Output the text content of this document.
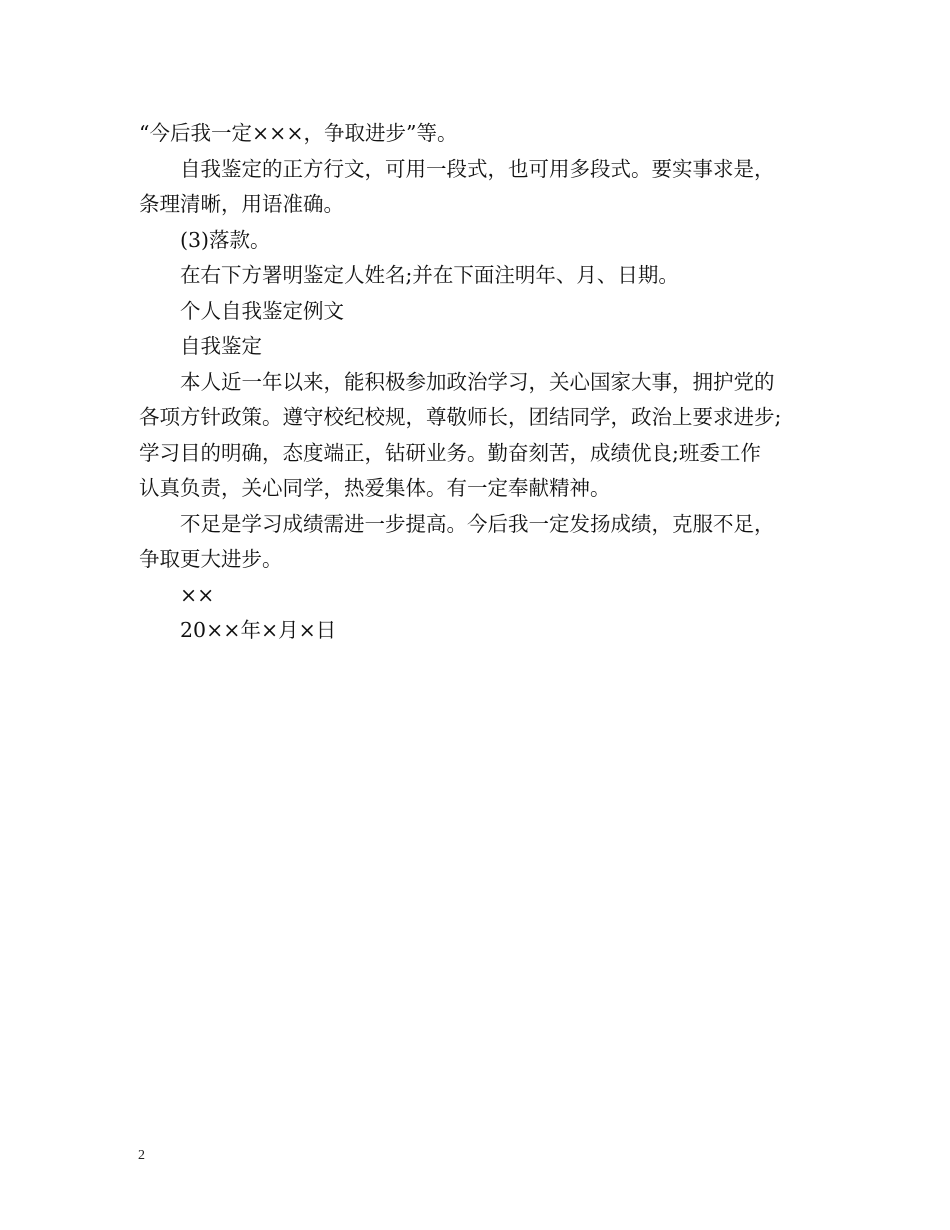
“今后我一定×××，争取进步”等。

自我鉴定的正方行文，可用一段式，也可用多段式。要实事求是，
条理清晰，用语准确。

(3)落款。

在右下方署明鉴定人姓名;并在下面注明年、月、日期。

个人自我鉴定例文

自我鉴定

本人近一年以来，能积极参加政治学习，关心国家大事，拥护党的
各项方针政策。遵守校纪校规，尊敬师长，团结同学，政治上要求进步;
学习目的明确，态度端正，钻研业务。勤奋刻苦，成绩优良;班委工作
认真负责，关心同学，热爱集体。有一定奉献精神。

不足是学习成绩需进一步提高。今后我一定发扬成绩，克服不足，
争取更大进步。

××

20××年×月×日

2
